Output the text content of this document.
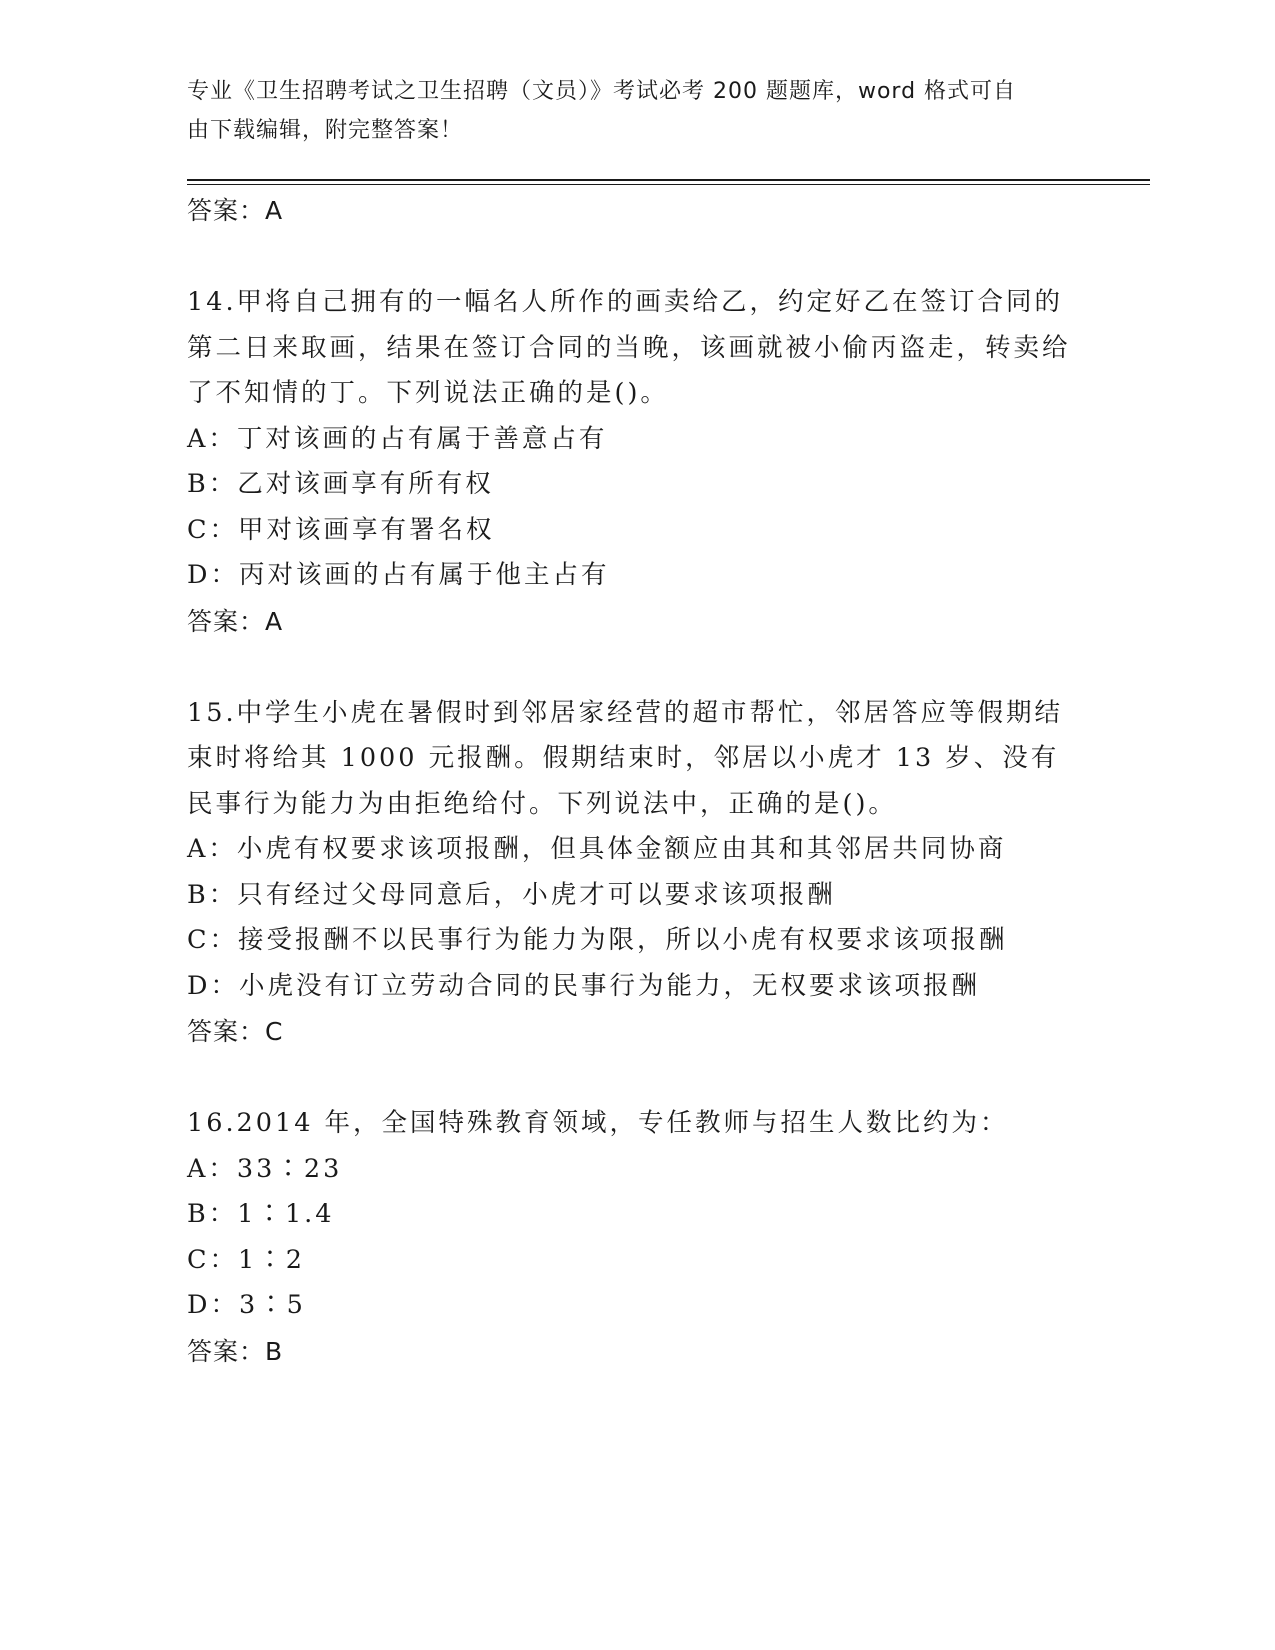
专业《卫生招聘考试之卫生招聘（文员）》考试必考 200 题题库，word 格式可自
由下载编辑，附完整答案！
答案：A
14.甲将自己拥有的一幅名人所作的画卖给乙，约定好乙在签订合同的第二日来取画，结果在签订合同的当晚，该画就被小偷丙盗走，转卖给了不知情的丁。下列说法正确的是()。
A：丁对该画的占有属于善意占有
B：乙对该画享有所有权
C：甲对该画享有署名权
D：丙对该画的占有属于他主占有
答案：A
15.中学生小虎在暑假时到邻居家经营的超市帮忙，邻居答应等假期结束时将给其 1000 元报酬。假期结束时，邻居以小虎才 13 岁、没有民事行为能力为由拒绝给付。下列说法中，正确的是()。
A：小虎有权要求该项报酬，但具体金额应由其和其邻居共同协商
B：只有经过父母同意后，小虎才可以要求该项报酬
C：接受报酬不以民事行为能力为限，所以小虎有权要求该项报酬
D：小虎没有订立劳动合同的民事行为能力，无权要求该项报酬
答案：C
16.2014 年，全国特殊教育领域，专任教师与招生人数比约为：
A：33∶23
B：1∶1.4
C：1∶2
D：3∶5
答案：B
